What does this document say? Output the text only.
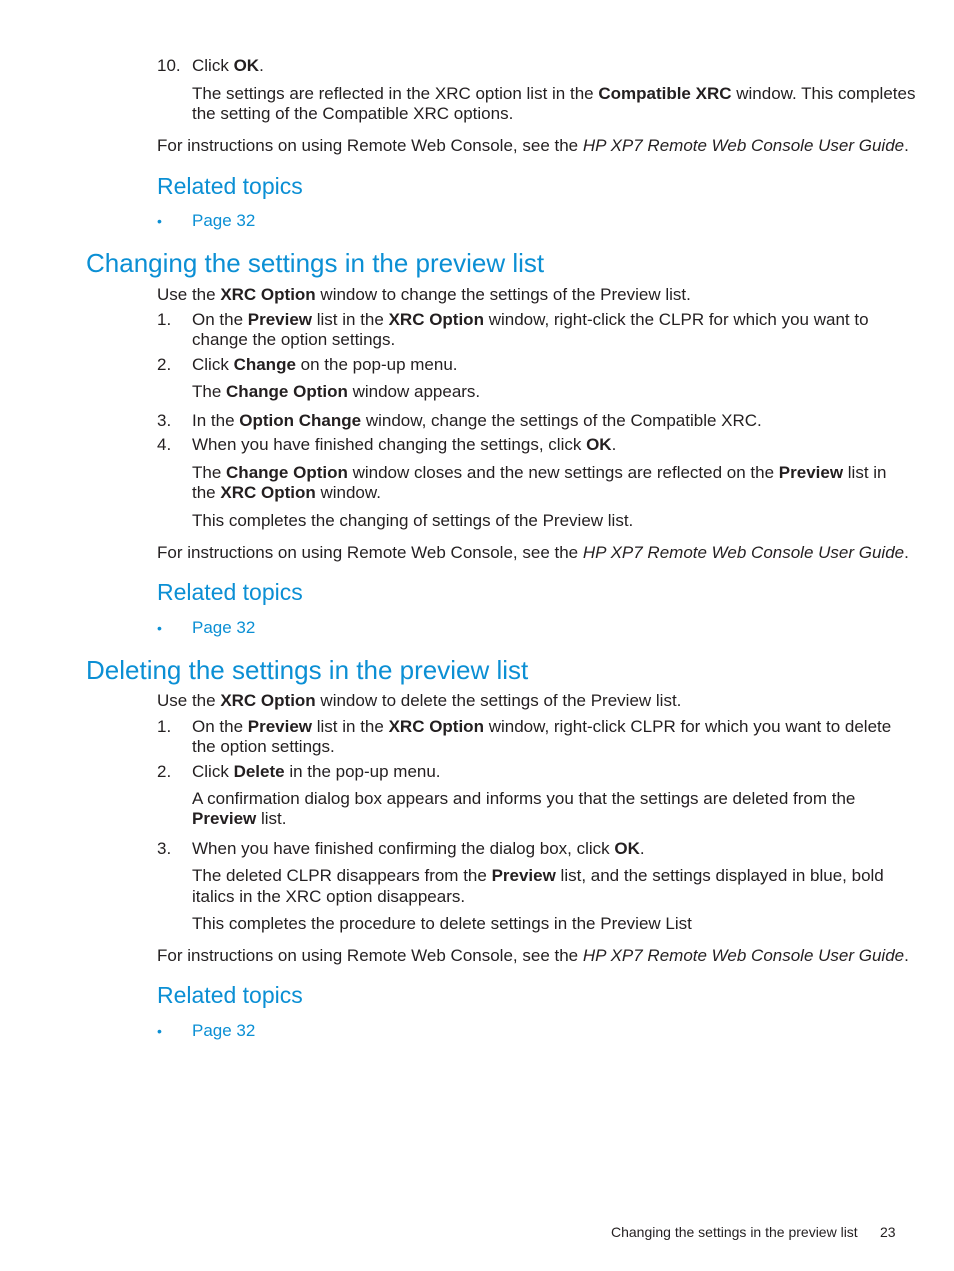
10. Click OK.
The settings are reflected in the XRC option list in the Compatible XRC window. This completes
the setting of the Compatible XRC options.
For instructions on using Remote Web Console, see the HP XP7 Remote Web Console User Guide.
Related topics
• Page 32
Changing the settings in the preview list
Use the XRC Option window to change the settings of the Preview list.
1. On the Preview list in the XRC Option window, right-click the CLPR for which you want to
change the option settings.
2. Click Change on the pop-up menu.
The Change Option window appears.
3. In the Option Change window, change the settings of the Compatible XRC.
4. When you have finished changing the settings, click OK.
The Change Option window closes and the new settings are reflected on the Preview list in
the XRC Option window.
This completes the changing of settings of the Preview list.
For instructions on using Remote Web Console, see the HP XP7 Remote Web Console User Guide.
Related topics
• Page 32
Deleting the settings in the preview list
Use the XRC Option window to delete the settings of the Preview list.
1. On the Preview list in the XRC Option window, right-click CLPR for which you want to delete
the option settings.
2. Click Delete in the pop-up menu.
A confirmation dialog box appears and informs you that the settings are deleted from the
Preview list.
3. When you have finished confirming the dialog box, click OK.
The deleted CLPR disappears from the Preview list, and the settings displayed in blue, bold
italics in the XRC option disappears.
This completes the procedure to delete settings in the Preview List
For instructions on using Remote Web Console, see the HP XP7 Remote Web Console User Guide.
Related topics
• Page 32
Changing the settings in the preview list 23
